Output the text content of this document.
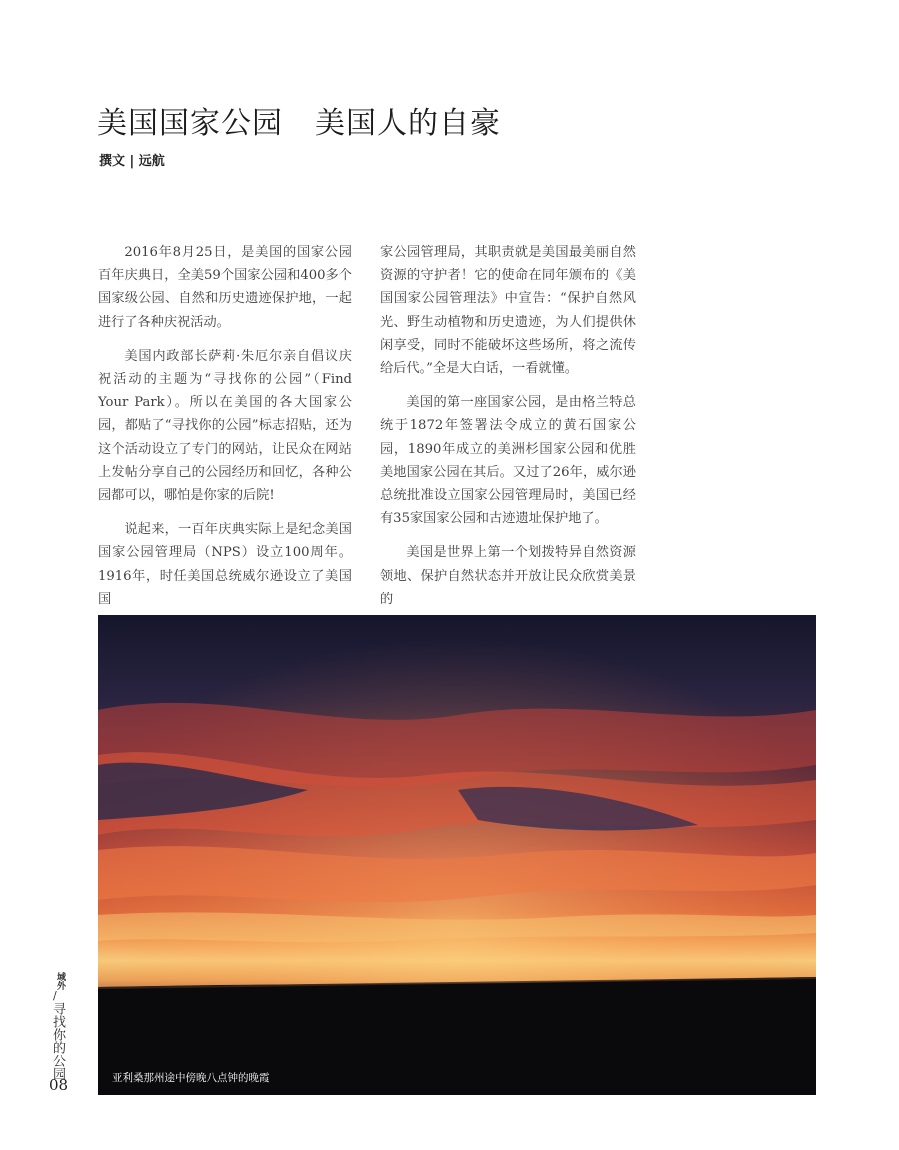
美国国家公园 美国人的自豪
撰文 | 远航

2016年8月25日，是美国的国家公园百年庆典日，全美59个国家公园和400多个国家级公园、自然和历史遗迹保护地，一起进行了各种庆祝活动。

美国内政部长萨莉·朱厄尔亲自倡议庆祝活动的主题为“寻找你的公园”（Find Your Park）。所以在美国的各大国家公园，都贴了“寻找你的公园”标志招贴，还为这个活动设立了专门的网站，让民众在网站上发帖分享自己的公园经历和回忆，各种公园都可以，哪怕是你家的后院!

说起来，一百年庆典实际上是纪念美国国家公园管理局（NPS）设立100周年。1916年，时任美国总统威尔逊设立了美国国

家公园管理局，其职责就是美国最美丽自然资源的守护者！它的使命在同年颁布的《美国国家公园管理法》中宣告：“保护自然风光、野生动植物和历史遗迹，为人们提供休闲享受，同时不能破坏这些场所，将之流传给后代。”全是大白话，一看就懂。

美国的第一座国家公园，是由格兰特总统于1872年签署法令成立的黄石国家公园，1890年成立的美洲杉国家公园和优胜美地国家公园在其后。又过了26年，威尔逊总统批准设立国家公园管理局时，美国已经有35家国家公园和古迹遗址保护地了。

美国是世界上第一个划拨特异自然资源领地、保护自然状态并开放让民众欣赏美景的

亚利桑那州途中傍晚八点钟的晚霞
域外
/
寻找你的公园
08
